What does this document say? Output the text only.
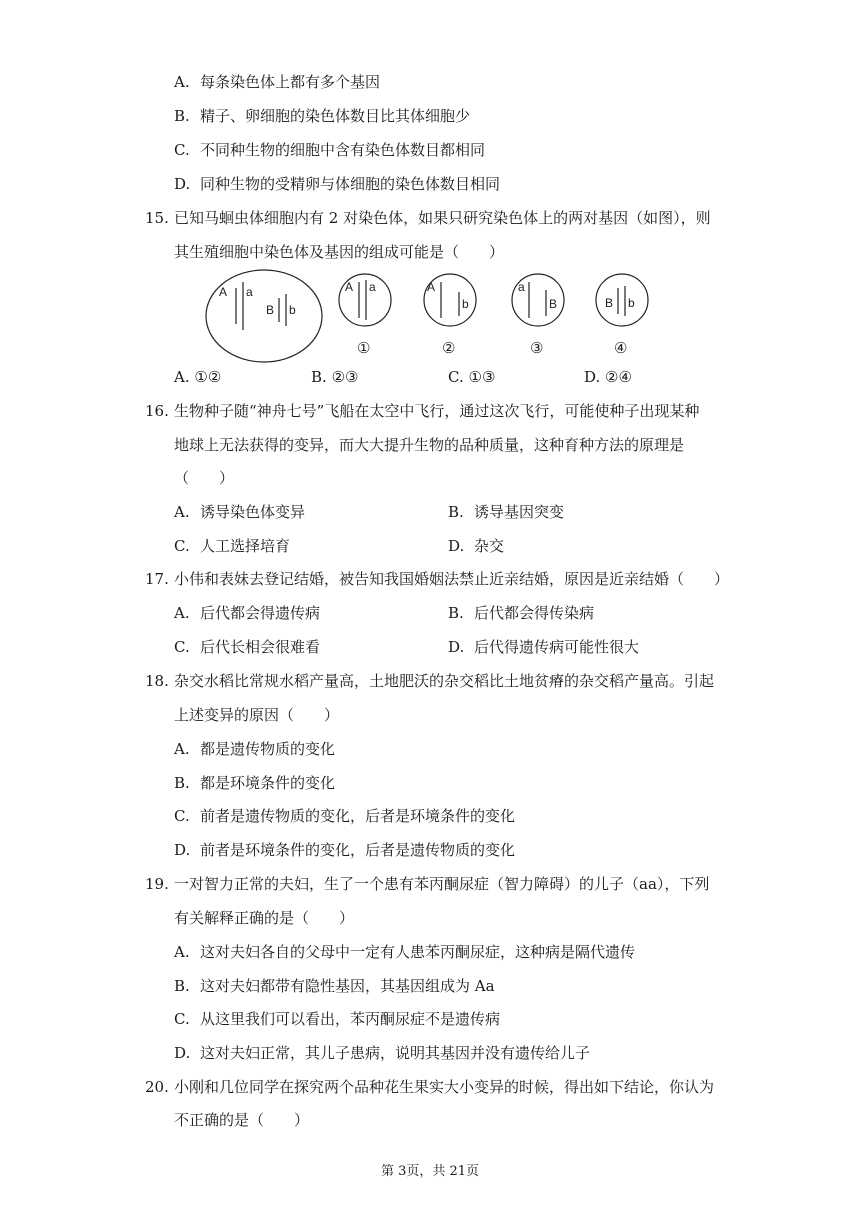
A. 每条染色体上都有多个基因
B. 精子、卵细胞的染色体数目比其体细胞少
C. 不同种生物的细胞中含有染色体数目都相同
D. 同种生物的受精卵与体细胞的染色体数目相同
15. 已知马蛔虫体细胞内有 2 对染色体，如果只研究染色体上的两对基因（如图），则
其生殖细胞中染色体及基因的组成可能是（　　）
A a
B b
A a	A
b
a
B	B b
①	②	③	④
A. ①②	B. ②③	C. ①③	D. ②④
16. 生物种子随“神舟七号”飞船在太空中飞行，通过这次飞行，可能使种子出现某种
地球上无法获得的变异，而大大提升生物的品种质量，这种育种方法的原理是
（　　）
A. 诱导染色体变异	B. 诱导基因突变
C. 人工选择培育	D. 杂交
17. 小伟和表妹去登记结婚，被告知我国婚姻法禁止近亲结婚，原因是近亲结婚（　　）
A. 后代都会得遗传病	B. 后代都会得传染病
C. 后代长相会很难看	D. 后代得遗传病可能性很大
18. 杂交水稻比常规水稻产量高，土地肥沃的杂交稻比土地贫瘠的杂交稻产量高。引起
上述变异的原因（　　）
A. 都是遗传物质的变化
B. 都是环境条件的变化
C. 前者是遗传物质的变化，后者是环境条件的变化
D. 前者是环境条件的变化，后者是遗传物质的变化
19. 一对智力正常的夫妇，生了一个患有苯丙酮尿症（智力障碍）的儿子（aa），下列
有关解释正确的是（　　）
A. 这对夫妇各自的父母中一定有人患苯丙酮尿症，这种病是隔代遗传
B. 这对夫妇都带有隐性基因，其基因组成为 Aa
C. 从这里我们可以看出，苯丙酮尿症不是遗传病
D. 这对夫妇正常，其儿子患病，说明其基因并没有遗传给儿子
20. 小刚和几位同学在探究两个品种花生果实大小变异的时候，得出如下结论，你认为
不正确的是（　　）
第 3页，共 21页
